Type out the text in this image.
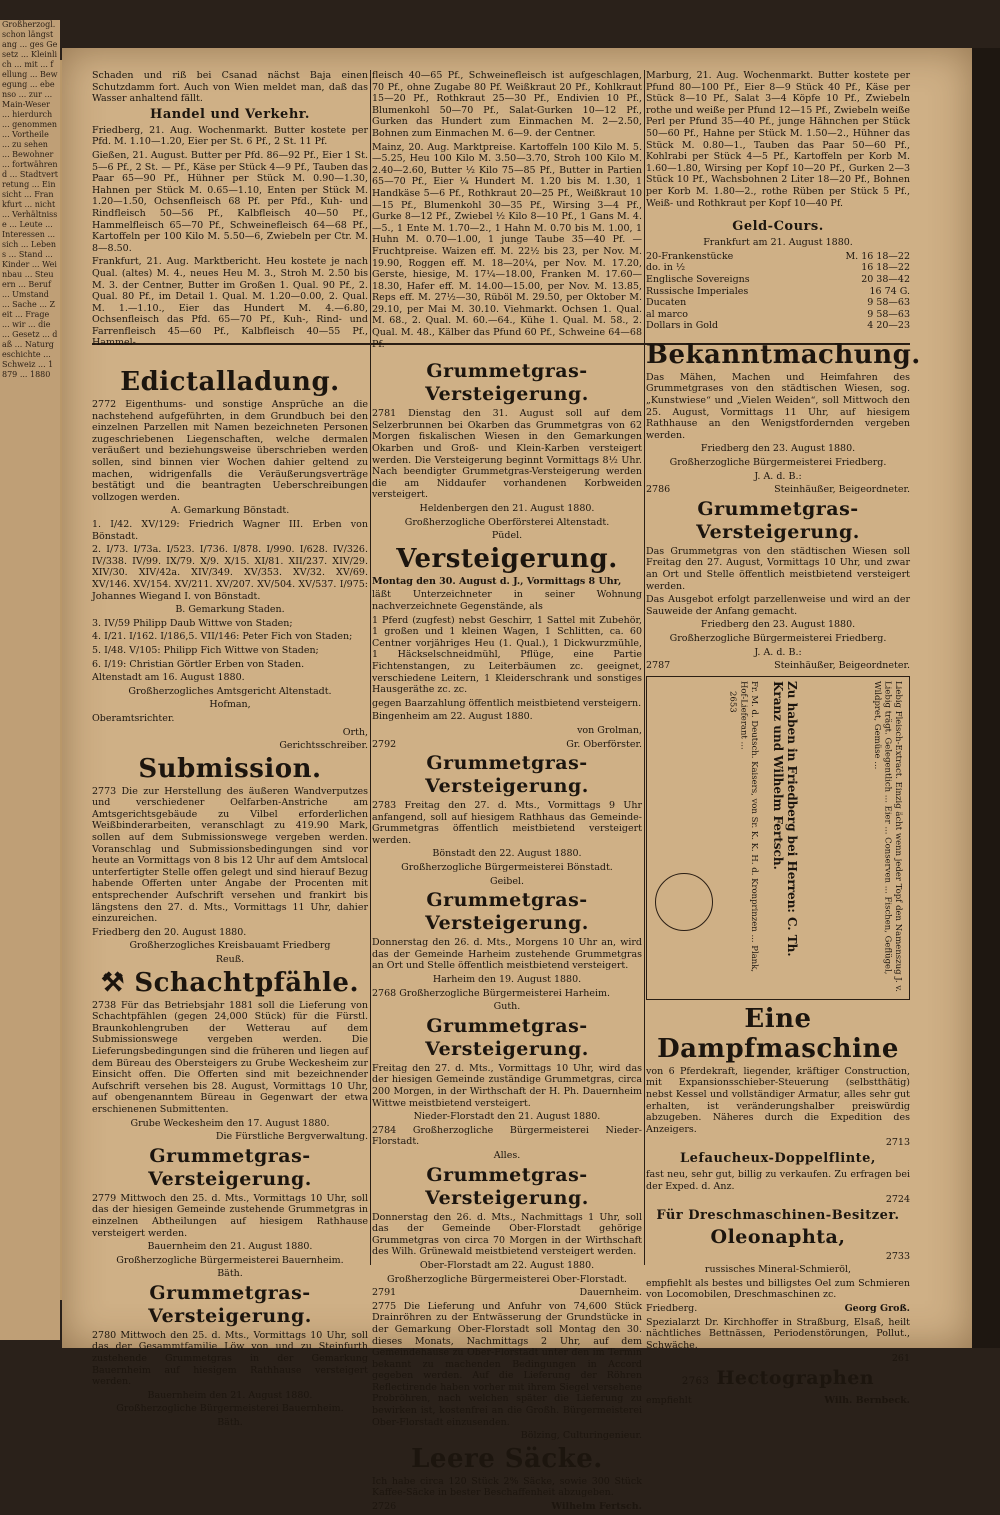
Großherzogl. schon längst ang ... ges Gesetz ... Kleinlich ... mit ... fellung ... Bewegung ... ebenso ... zur ... Main-Weser ... hierdurch ... genommen ... Vortheile ... zu sehen ... Bewohner ... fortwährend ... Stadtvertretung ... Einsicht ... Frankfurt ... nicht ... Verhältnisse ... Leute ... Interessen ... sich ... Lebens ... Stand ... Kinder ... Weinbau ... Steuern ... Beruf ... Umstand ... Sache ... Zeit ... Frage ... wir ... die ... Gesetz ... daß ... Naturgeschichte ... Schweiz ... 1879 ... 1880

Schaden und riß bei Csanad nächst Baja einen Schutzdamm fort. Auch von Wien meldet man, daß das Wasser anhaltend fällt.

Handel und Verkehr.

Friedberg, 21. Aug. Wochenmarkt. Butter kostete per Pfd. M. 1.10—1.20, Eier per St. 6 Pf., 2 St. 11 Pf.

Gießen, 21. August. Butter per Pfd. 86—92 Pf., Eier 1 St. 5—6 Pf., 2 St. — Pf., Käse per Stück 4—9 Pf., Tauben das Paar 65—90 Pf., Hühner per Stück M. 0.90—1.30, Hahnen per Stück M. 0.65—1.10, Enten per Stück M. 1.20—1.50, Ochsenfleisch 68 Pf. per Pfd., Kuh- und Rindfleisch 50—56 Pf., Kalbfleisch 40—50 Pf., Hammelfleisch 65—70 Pf., Schweinefleisch 64—68 Pf., Kartoffeln per 100 Kilo M. 5.50—6, Zwiebeln per Ctr. M. 8—8.50.

Frankfurt, 21. Aug. Marktbericht. Heu kostete je nach Qual. (altes) M. 4., neues Heu M. 3., Stroh M. 2.50 bis M. 3. der Centner, Butter im Großen 1. Qual. 90 Pf., 2. Qual. 80 Pf., im Detail 1. Qual. M. 1.20—0.00, 2. Qual. M. 1.—1.10., Eier das Hundert M. 4.—6.80, Ochsenfleisch das Pfd. 65—70 Pf., Kuh-, Rind- und Farrenfleisch 45—60 Pf., Kalbfleisch 40—55 Pf., Hammel-

Edictalladung.

2772 Eigenthums- und sonstige Ansprüche an die nachstehend aufgeführten, in dem Grundbuch bei den einzelnen Parzellen mit Namen bezeichneten Personen zugeschriebenen Liegenschaften, welche dermalen veräußert und beziehungsweise überschrieben werden sollen, sind binnen vier Wochen dahier geltend zu machen, widrigenfalls die Veräußerungsverträge bestätigt und die beantragten Ueberschreibungen vollzogen werden.

A. Gemarkung Bönstadt.

1. I/42. XV/129: Friedrich Wagner III. Erben von Bönstadt.

2. I/73. I/73a. I/523. I/736. I/878. I/990. I/628. IV/326. IV/338. IV/99. IX/79. X/9. X/15. XI/81. XII/237. XIV/29. XIV/30. XIV/42a. XIV/349. XV/353. XV/32. XV/69. XV/146. XV/154. XV/211. XV/207. XV/504. XV/537. I/975: Johannes Wiegand I. von Bönstadt.

B. Gemarkung Staden.

3. IV/59 Philipp Daub Wittwe von Staden;

4. I/21. I/162. I/186,5. VII/146: Peter Fich von Staden;

5. I/48. V/105: Philipp Fich Wittwe von Staden;

6. I/19: Christian Görtler Erben von Staden.

Altenstadt am 16. August 1880.

Großherzogliches Amtsgericht Altenstadt.

Hofman,

Oberamtsrichter.

Orth,

Gerichtsschreiber.

Submission.

2773 Die zur Herstellung des äußeren Wandverputzes und verschiedener Oelfarben-Anstriche am Amtsgerichtsgebäude zu Vilbel erforderlichen Weißbinderarbeiten, veranschlagt zu 419.90 Mark, sollen auf dem Submissionswege vergeben werden. Voranschlag und Submissionsbedingungen sind vor heute an Vormittags von 8 bis 12 Uhr auf dem Amtslocal unterfertigter Stelle offen gelegt und sind hierauf Bezug habende Offerten unter Angabe der Procenten mit entsprechender Aufschrift versehen und frankirt bis längstens den 27. d. Mts., Vormittags 11 Uhr, dahier einzureichen.

Friedberg den 20. August 1880.

Großherzogliches Kreisbauamt Friedberg

Reuß.

⚒ Schachtpfähle.

2738 Für das Betriebsjahr 1881 soll die Lieferung von Schachtpfählen (gegen 24,000 Stück) für die Fürstl. Braunkohlengruben der Wetterau auf dem Submissionswege vergeben werden. Die Lieferungsbedingungen sind die früheren und liegen auf dem Büreau des Obersteigers zu Grube Weckesheim zur Einsicht offen. Die Offerten sind mit bezeichnender Aufschrift versehen bis 28. August, Vormittags 10 Uhr, auf obengenanntem Büreau in Gegenwart der etwa erschienenen Submittenten.

Grube Weckesheim den 17. August 1880.

Die Fürstliche Bergverwaltung.

Grummetgras-Versteigerung.

2779 Mittwoch den 25. d. Mts., Vormittags 10 Uhr, soll das der hiesigen Gemeinde zustehende Grummetgras in einzelnen Abtheilungen auf hiesigem Rathhause versteigert werden.

Bauernheim den 21. August 1880.

Großherzogliche Bürgermeisterei Bauernheim.

Bäth.

Grummetgras-Versteigerung.

2780 Mittwoch den 25. d. Mts., Vormittags 10 Uhr, soll das der Gesammtfamilie Löw von und zu Steinfurth zustehende Grummetgras in der Gemarkung Bauernheim auf hiesigem Rathhause versteigert werden.

Bauernheim den 21. August 1880.

Großherzogliche Bürgermeisterei Bauernheim.

Bäth.

fleisch 40—65 Pf., Schweinefleisch ist aufgeschlagen, 70 Pf., ohne Zugabe 80 Pf. Weißkraut 20 Pf., Kohlkraut 15—20 Pf., Rothkraut 25—30 Pf., Endivien 10 Pf., Blumenkohl 50—70 Pf., Salat-Gurken 10—12 Pf., Gurken das Hundert zum Einmachen M. 2—2.50, Bohnen zum Einmachen M. 6—9. der Centner.

Mainz, 20. Aug. Marktpreise. Kartoffeln 100 Kilo M. 5.—5.25, Heu 100 Kilo M. 3.50—3.70, Stroh 100 Kilo M. 2.40—2.60, Butter ½ Kilo 75—85 Pf., Butter in Partien 65—70 Pf., Eier ¼ Hundert M. 1.20 bis M. 1.30, 1 Handkäse 5—6 Pf., Rothkraut 20—25 Pf., Weißkraut 10—15 Pf., Blumenkohl 30—35 Pf., Wirsing 3—4 Pf., Gurke 8—12 Pf., Zwiebel ½ Kilo 8—10 Pf., 1 Gans M. 4.—5., 1 Ente M. 1.70—2., 1 Hahn M. 0.70 bis M. 1.00, 1 Huhn M. 0.70—1.00, 1 junge Taube 35—40 Pf. — Fruchtpreise. Waizen eff. M. 22½ bis 23, per Nov. M. 19.90, Roggen eff. M. 18—20¼, per Nov. M. 17.20, Gerste, hiesige, M. 17¼—18.00, Franken M. 17.60—18.30, Hafer eff. M. 14.00—15.00, per Nov. M. 13.85, Reps eff. M. 27½—30, Rüböl M. 29.50, per Oktober M. 29.10, per Mai M. 30.10. Viehmarkt. Ochsen 1. Qual. M. 68., 2. Qual. M. 60.—64., Kühe 1. Qual. M. 58., 2. Qual. M. 48., Kälber das Pfund 60 Pf., Schweine 64—68 Pf.

Grummetgras-Versteigerung.

2781 Dienstag den 31. August soll auf dem Selzerbrunnen bei Okarben das Grummetgras von 62 Morgen fiskalischen Wiesen in den Gemarkungen Okarben und Groß- und Klein-Karben versteigert werden. Die Versteigerung beginnt Vormittags 8½ Uhr. Nach beendigter Grummetgras-Versteigerung werden die am Niddaufer vorhandenen Korbweiden versteigert.

Heldenbergen den 21. August 1880.

Großherzogliche Oberförsterei Altenstadt.

Püdel.

Versteigerung.

Montag den 30. August d. J., Vormittags 8 Uhr,

läßt Unterzeichneter in seiner Wohnung nachverzeichnete Gegenstände, als

1 Pferd (zugfest) nebst Geschirr, 1 Sattel mit Zubehör, 1 großen und 1 kleinen Wagen, 1 Schlitten, ca. 60 Centner vorjähriges Heu (1. Qual.), 1 Dickwurzmühle, 1 Häckselschneidmühl, Pflüge, eine Partie Fichtenstangen, zu Leiterbäumen zc. geeignet, verschiedene Leitern, 1 Kleiderschrank und sonstiges Hausgeräthe zc. zc.

gegen Baarzahlung öffentlich meistbietend versteigern.

Bingenheim am 22. August 1880.

von Grolman,

2792	Gr. Oberförster.

Grummetgras-Versteigerung.

2783 Freitag den 27. d. Mts., Vormittags 9 Uhr anfangend, soll auf hiesigem Rathhaus das Gemeinde-Grummetgras öffentlich meistbietend versteigert werden.

Bönstadt den 22. August 1880.

Großherzogliche Bürgermeisterei Bönstadt.

Geibel.

Grummetgras-Versteigerung.

Donnerstag den 26. d. Mts., Morgens 10 Uhr an, wird das der Gemeinde Harheim zustehende Grummetgras an Ort und Stelle öffentlich meistbietend versteigert.

Harheim den 19. August 1880.

2768 Großherzogliche Bürgermeisterei Harheim.

Guth.

Grummetgras-Versteigerung.

Freitag den 27. d. Mts., Vormittags 10 Uhr, wird das der hiesigen Gemeinde zuständige Grummetgras, circa 200 Morgen, in der Wirthschaft der H. Ph. Dauernheim Wittwe meistbietend versteigert.

Nieder-Florstadt den 21. August 1880.

2784 Großherzogliche Bürgermeisterei Nieder-Florstadt.

Alles.

Grummetgras-Versteigerung.

Donnerstag den 26. d. Mts., Nachmittags 1 Uhr, soll das der Gemeinde Ober-Florstadt gehörige Grummetgras von circa 70 Morgen in der Wirthschaft des Wilh. Grünewald meistbietend versteigert werden.

Ober-Florstadt am 22. August 1880.

Großherzogliche Bürgermeisterei Ober-Florstadt.

2791	Dauernheim.

2775 Die Lieferung und Anfuhr von 74,600 Stück Drainröhren zu der Entwässerung der Grundstücke in der Gemarkung Ober-Florstadt soll Montag den 30. dieses Monats, Nachmittags 2 Uhr, auf dem Gemeindehause zu Ober-Florstadt unter den im Termin bekannt zu machenden Bedingungen in Accord gegeben werden. Auf die Lieferung der Röhren Reflectirende haben vorher mit ihrem Siegel versehene Probröhren, nach welchen später die Lieferung zu bewirken ist, kostenfrei an die Großh. Bürgermeisterei Ober-Florstadt einzusenden.

Bölzing, Culturingenieur.

Leere Säcke.

Ich habe circa 120 Stück 2% Säcke, sowie 300 Stück Kaffee-Säcke in bester Beschaffenheit abzugeben.

2726	Wilhelm Fertsch.

Marburg, 21. Aug. Wochenmarkt. Butter kostete per Pfund 80—100 Pf., Eier 8—9 Stück 40 Pf., Käse per Stück 8—10 Pf., Salat 3—4 Köpfe 10 Pf., Zwiebeln rothe und weiße per Pfund 12—15 Pf., Zwiebeln weiße Perl per Pfund 35—40 Pf., junge Hähnchen per Stück 50—60 Pf., Hahne per Stück M. 1.50—2., Hühner das Stück M. 0.80—1., Tauben das Paar 50—60 Pf., Kohlrabi per Stück 4—5 Pf., Kartoffeln per Korb M. 1.60—1.80, Wirsing per Kopf 10—20 Pf., Gurken 2—3 Stück 10 Pf., Wachsbohnen 2 Liter 18—20 Pf., Bohnen per Korb M. 1.80—2., rothe Rüben per Stück 5 Pf., Weiß- und Rothkraut per Kopf 10—40 Pf.

Geld-Cours.

Frankfurt am 21. August 1880.

20-Frankenstücke	M. 16 18—22
do. in ½	16 18—22
Englische Sovereigns	20 38—42
Russische Imperiales	16 74 G.
Ducaten	9 58—63
al marco	9 58—63
Dollars in Gold	4 20—23
Bekanntmachung.

Das Mähen, Machen und Heimfahren des Grummetgrases von den städtischen Wiesen, sog. „Kunstwiese“ und „Vielen Weiden“, soll Mittwoch den 25. August, Vormittags 11 Uhr, auf hiesigem Rathhause an den Wenigstfordernden vergeben werden.

Friedberg den 23. August 1880.

Großherzogliche Bürgermeisterei Friedberg.

J. A. d. B.:

2786	Steinhäußer, Beigeordneter.

Grummetgras-Versteigerung.

Das Grummetgras von den städtischen Wiesen soll Freitag den 27. August, Vormittags 10 Uhr, und zwar an Ort und Stelle öffentlich meistbietend versteigert werden.

Das Ausgebot erfolgt parzellenweise und wird an der Sauweide der Anfang gemacht.

Friedberg den 23. August 1880.

Großherzogliche Bürgermeisterei Friedberg.

J. A. d. B.:

2787	Steinhäußer, Beigeordneter.

Liebig Fleisch-Extract. Einzig ächt wenn jeder Topf den Namenszug J. v. Liebig trägt. Gelegentlich ... Eier ... Conserven ... Fischen, Geflügel, Wildpret, Gemüse ...
Zu haben in Friedberg bei Herren: C. Th. Kranz und Wilhelm Fertsch.
Fr. M. d. Deutsch. Kaisers, von Sr. K. K. H. d. Kronprinzen ... Plank, Hof-Lieferant ...
2653
Eine Dampfmaschine

von 6 Pferdekraft, liegender, kräftiger Construction, mit Expansionsschieber-Steuerung (selbstthätig) nebst Kessel und vollständiger Armatur, alles sehr gut erhalten, ist veränderungshalber preiswürdig abzugeben. Näheres durch die Expedition des Anzeigers.

2713

Lefaucheux-Doppelflinte,

fast neu, sehr gut, billig zu verkaufen. Zu erfragen bei der Exped. d. Anz.

2724

Für Dreschmaschinen-Besitzer.
Oleonaphta,

2733

russisches Mineral-Schmieröl,

empfiehlt als bestes und billigstes Oel zum Schmieren von Locomobilen, Dreschmaschinen zc.

Friedberg.	Georg Groß.

Spezialarzt Dr. Kirchhoffer in Straßburg, Elsaß, heilt nächtliches Bettnässen, Periodenstörungen, Pollut., Schwäche.

261

2763 Hectographen

empfiehlt	Wilh. Bernbeck.
